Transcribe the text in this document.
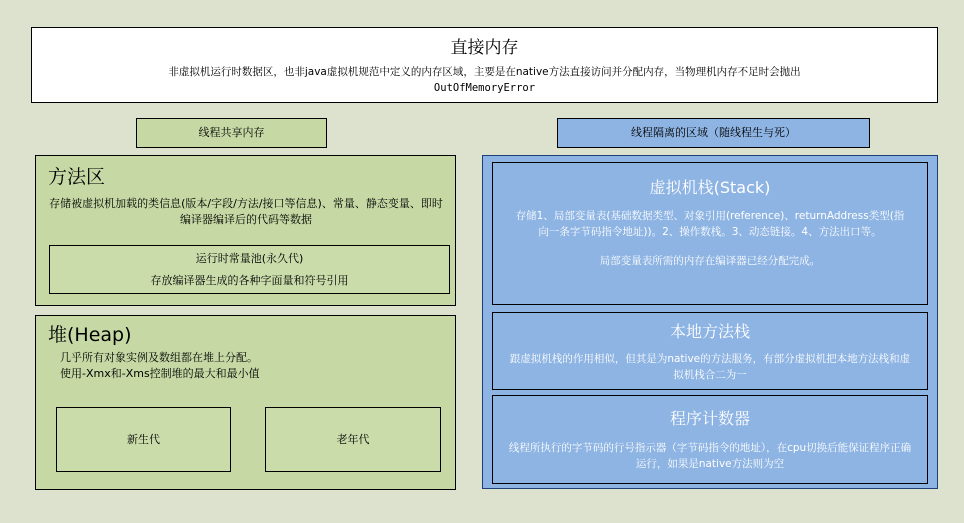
直接内存
非虚拟机运行时数据区，也非java虚拟机规范中定义的内存区域，主要是在native方法直接访问并分配内存，当物理机内存不足时会抛出
OutOfMemoryError
线程共享内存	线程隔离的区域（随线程生与死）
方法区
存储被虚拟机加载的类信息(版本/字段/方法/接口等信息)、常量、静态变量、即时编译器编译后的代码等数据
运行时常量池(永久代)
存放编译器生成的各种字面量和符号引用
堆(Heap)
几乎所有对象实例及数组都在堆上分配。
使用-Xmx和-Xms控制堆的最大和最小值
新生代	老年代
虚拟机栈(Stack)
存储1、局部变量表(基础数据类型、对象引用(reference)、returnAddress类型(指向一条字节码指令地址))。2、操作数栈。3、动态链接。4、方法出口等。
局部变量表所需的内存在编译器已经分配完成。
本地方法栈
跟虚拟机栈的作用相似，但其是为native的方法服务，有部分虚拟机把本地方法栈和虚拟机栈合二为一
程序计数器
线程所执行的字节码的行号指示器（字节码指令的地址），在cpu切换后能保证程序正确运行，如果是native方法则为空
